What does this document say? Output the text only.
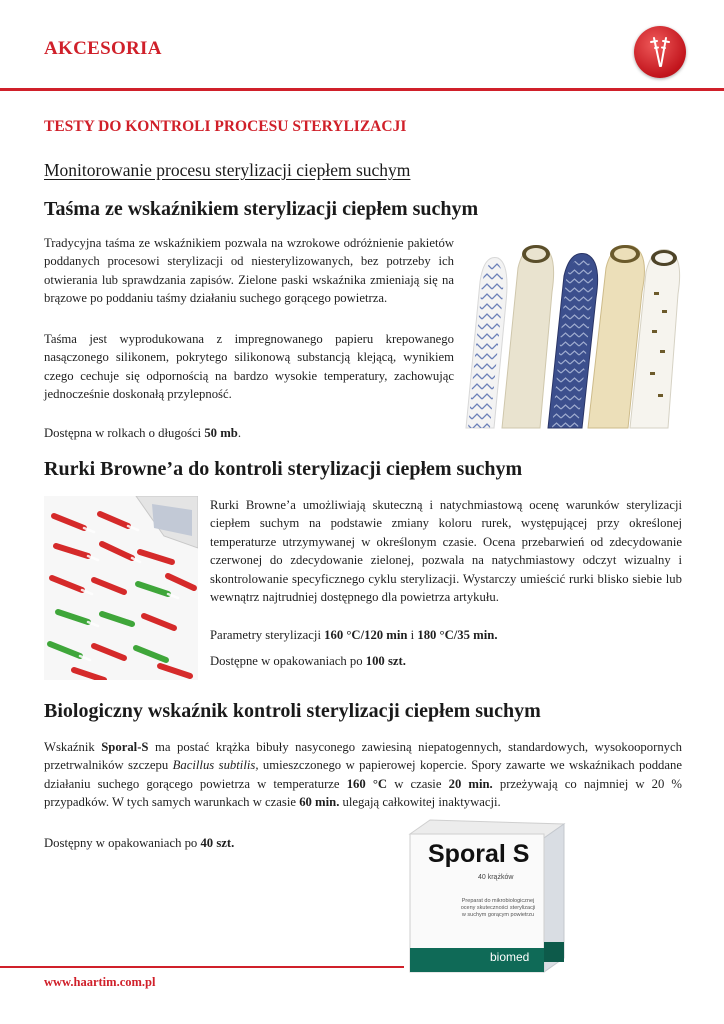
AKCESORIA
TESTY DO KONTROLI PROCESU STERYLIZACJI
Monitorowanie procesu sterylizacji ciepłem suchym
Taśma ze wskaźnikiem sterylizacji ciepłem suchym
Tradycyjna taśma ze wskaźnikiem pozwala na wzrokowe odróżnienie pakietów poddanych procesowi sterylizacji od niesterylizowanych, bez potrzeby ich otwierania lub sprawdzania zapisów. Zielone paski wskaźnika zmieniają się na brązowe po poddaniu taśmy działaniu suchego gorącego powietrza.
Taśma jest wyprodukowana z impregnowanego papieru krepowanego nasączonego silikonem, pokrytego silikonową substancją klejącą, wynikiem czego cechuje się odpornością na bardzo wysokie temperatury, zachowując jednocześnie doskonałą przylepność.
Dostępna w rolkach o długości 50 mb.
Rurki Browne’a do kontroli sterylizacji ciepłem suchym
Rurki Browne’a umożliwiają skuteczną i natychmiastową ocenę warunków sterylizacji ciepłem suchym na podstawie zmiany koloru rurek, występującej przy określonej temperaturze utrzymywanej w określonym czasie. Ocena przebarwień od zdecydowanie czerwonej do zdecydowanie zielonej, pozwala na natychmiastowy odczyt wizualny i skontrolowanie specyficznego cyklu sterylizacji. Wystarczy umieścić rurki blisko siebie lub wewnątrz najtrudniej dostępnego dla powietrza artykułu.
Parametry sterylizacji 160 °C/120 min i 180 °C/35 min.
Dostępne w opakowaniach po 100 szt.
Biologiczny wskaźnik kontroli sterylizacji ciepłem suchym
Wskaźnik Sporal-S ma postać krążka bibuły nasyconego zawiesiną niepatogennych, standardowych, wysokoopornych przetrwalników szczepu Bacillus subtilis, umieszczonego w papierowej kopercie. Spory zawarte we wskaźnikach poddane działaniu suchego gorącego powietrza w temperaturze 160 °C w czasie 20 min. przeżywają co najmniej w 20 % przypadków. W tych samych warunkach w czasie 60 min. ulegają całkowitej inaktywacji.
Dostępny w opakowaniach po 40 szt.	Sporal S
40 krążków
Preparat do mikrobiologicznej
oceny skuteczności sterylizacji
w suchym gorącym powietrzu
biomed
www.haartim.com.pl
